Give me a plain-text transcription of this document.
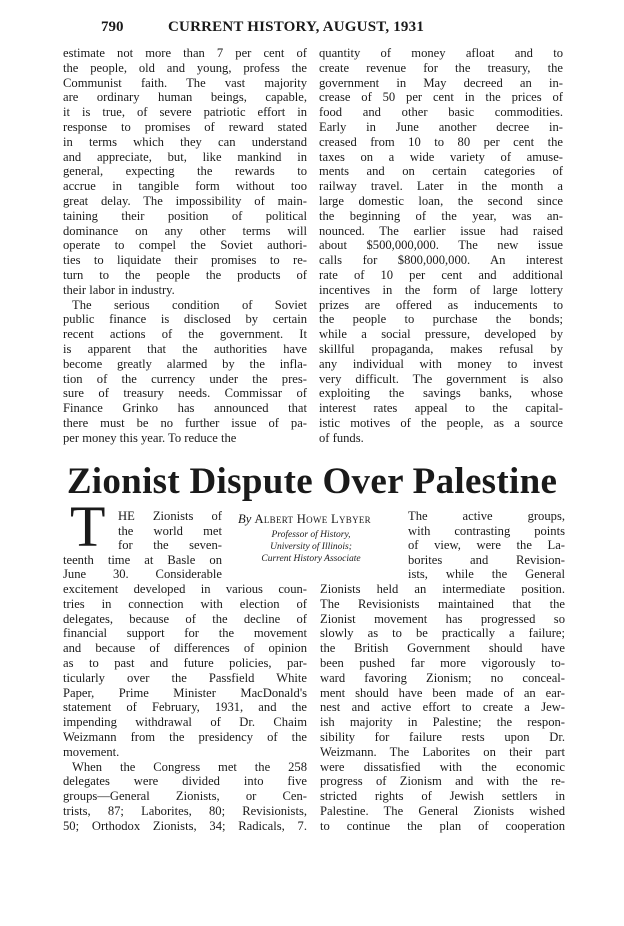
790	CURRENT HISTORY, AUGUST, 1931
estimate not more than 7 per cent of
the people, old and young, profess the
Communist faith. The vast majority
are ordinary human beings, capable,
it is true, of severe patriotic effort in
response to promises of reward stated
in terms which they can understand
and appreciate, but, like mankind in
general, expecting the rewards to
accrue in tangible form without too
great delay. The impossibility of main-
taining their position of political
dominance on any other terms will
operate to compel the Soviet authori-
ties to liquidate their promises to re-
turn to the people the products of
their labor in industry.
The serious condition of Soviet
public finance is disclosed by certain
recent actions of the government. It
is apparent that the authorities have
become greatly alarmed by the infla-
tion of the currency under the pres-
sure of treasury needs. Commissar of
Finance Grinko has announced that
there must be no further issue of pa-
per money this year. To reduce the
quantity of money afloat and to
create revenue for the treasury, the
government in May decreed an in-
crease of 50 per cent in the prices of
food and other basic commodities.
Early in June another decree in-
creased from 10 to 80 per cent the
taxes on a wide variety of amuse-
ments and on certain categories of
railway travel. Later in the month a
large domestic loan, the second since
the beginning of the year, was an-
nounced. The earlier issue had raised
about $500,000,000. The new issue
calls for $800,000,000. An interest
rate of 10 per cent and additional
incentives in the form of large lottery
prizes are offered as inducements to
the people to purchase the bonds;
while a social pressure, developed by
skillful propaganda, makes refusal by
any individual with money to invest
very difficult. The government is also
exploiting the savings banks, whose
interest rates appeal to the capital-
istic motives of the people, as a source
of funds.
Zionist Dispute Over Palestine
T HE Zionists of
the world met
for the seven-
teenth time at Basle on
June 30. Considerable
By Albert Howe Lybyer
Professor of History,
University of Illinois;
Current History Associate
The active groups,
with contrasting points
of view, were the La-
borites and Revision-
ists, while the General
excitement developed in various coun-
tries in connection with election of
delegates, because of the decline of
financial support for the movement
and because of differences of opinion
as to past and future policies, par-
ticularly over the Passfield White
Paper, Prime Minister MacDonald's
statement of February, 1931, and the
impending withdrawal of Dr. Chaim
Weizmann from the presidency of the
movement.
When the Congress met the 258
delegates were divided into five
groups—General Zionists, or Cen-
trists, 87; Laborites, 80; Revisionists,
50; Orthodox Zionists, 34; Radicals, 7.
Zionists held an intermediate position.
The Revisionists maintained that the
Zionist movement has progressed so
slowly as to be practically a failure;
the British Government should have
been pushed far more vigorously to-
ward favoring Zionism; no conceal-
ment should have been made of an ear-
nest and active effort to create a Jew-
ish majority in Palestine; the respon-
sibility for failure rests upon Dr.
Weizmann. The Laborites on their part
were dissatisfied with the economic
progress of Zionism and with the re-
stricted rights of Jewish settlers in
Palestine. The General Zionists wished
to continue the plan of cooperation
